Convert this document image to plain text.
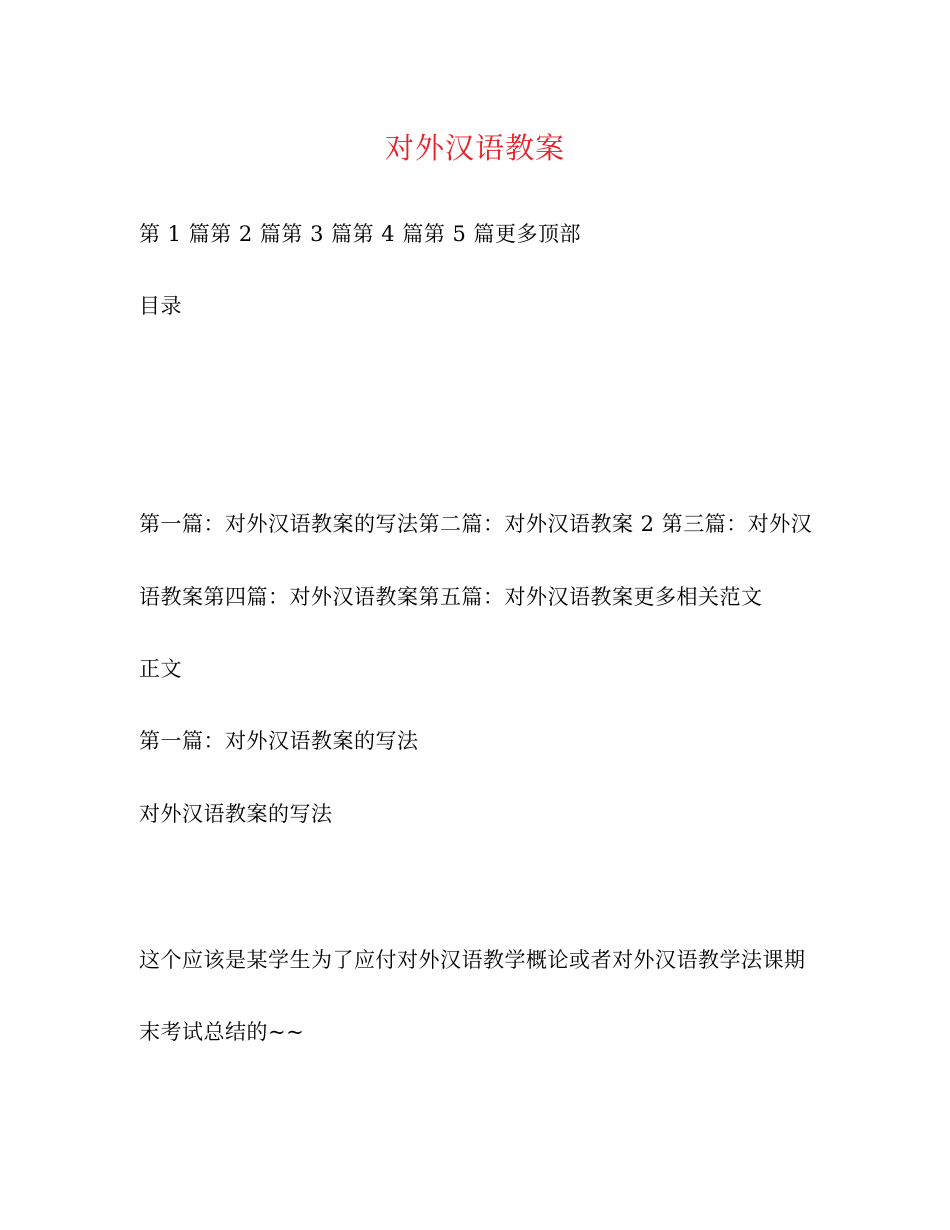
对外汉语教案
第 1 篇第 2 篇第 3 篇第 4 篇第 5 篇更多顶部
目录
第一篇：对外汉语教案的写法第二篇：对外汉语教案 2 第三篇：对外汉
语教案第四篇：对外汉语教案第五篇：对外汉语教案更多相关范文
正文
第一篇：对外汉语教案的写法
对外汉语教案的写法
这个应该是某学生为了应付对外汉语教学概论或者对外汉语教学法课期
末考试总结的~~
